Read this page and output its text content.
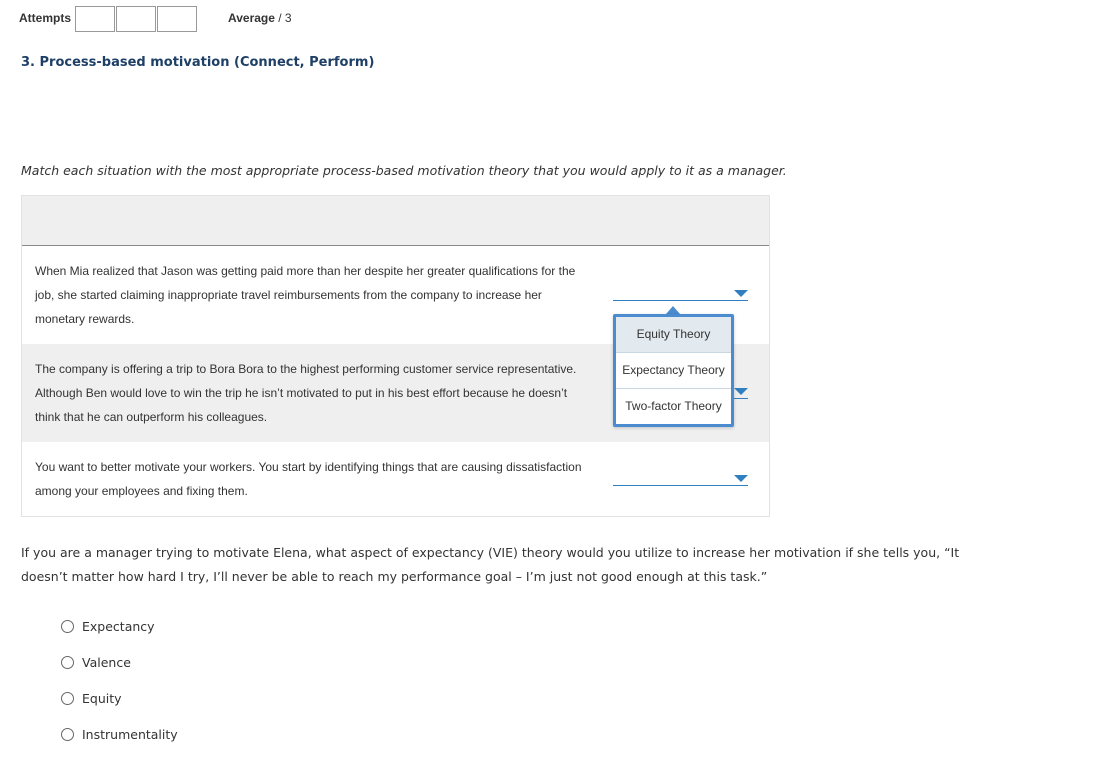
Attempts	Average / 3
3. Process-based motivation (Connect, Perform)
Match each situation with the most appropriate process-based motivation theory that you would apply to it as a manager.
When Mia realized that Jason was getting paid more than her despite her greater qualifications for the job, she started claiming inappropriate travel reimbursements from the company to increase her monetary rewards.
The company is offering a trip to Bora Bora to the highest performing customer service representative. Although Ben would love to win the trip he isn’t motivated to put in his best effort because he doesn’t think that he can outperform his colleagues.
You want to better motivate your workers. You start by identifying things that are causing dissatisfaction among your employees and fixing them.
Equity Theory
Expectancy Theory
Two-factor Theory
If you are a manager trying to motivate Elena, what aspect of expectancy (VIE) theory would you utilize to increase her motivation if she tells you, “It doesn’t matter how hard I try, I’ll never be able to reach my performance goal – I’m just not good enough at this task.”
Expectancy
Valence
Equity
Instrumentality
